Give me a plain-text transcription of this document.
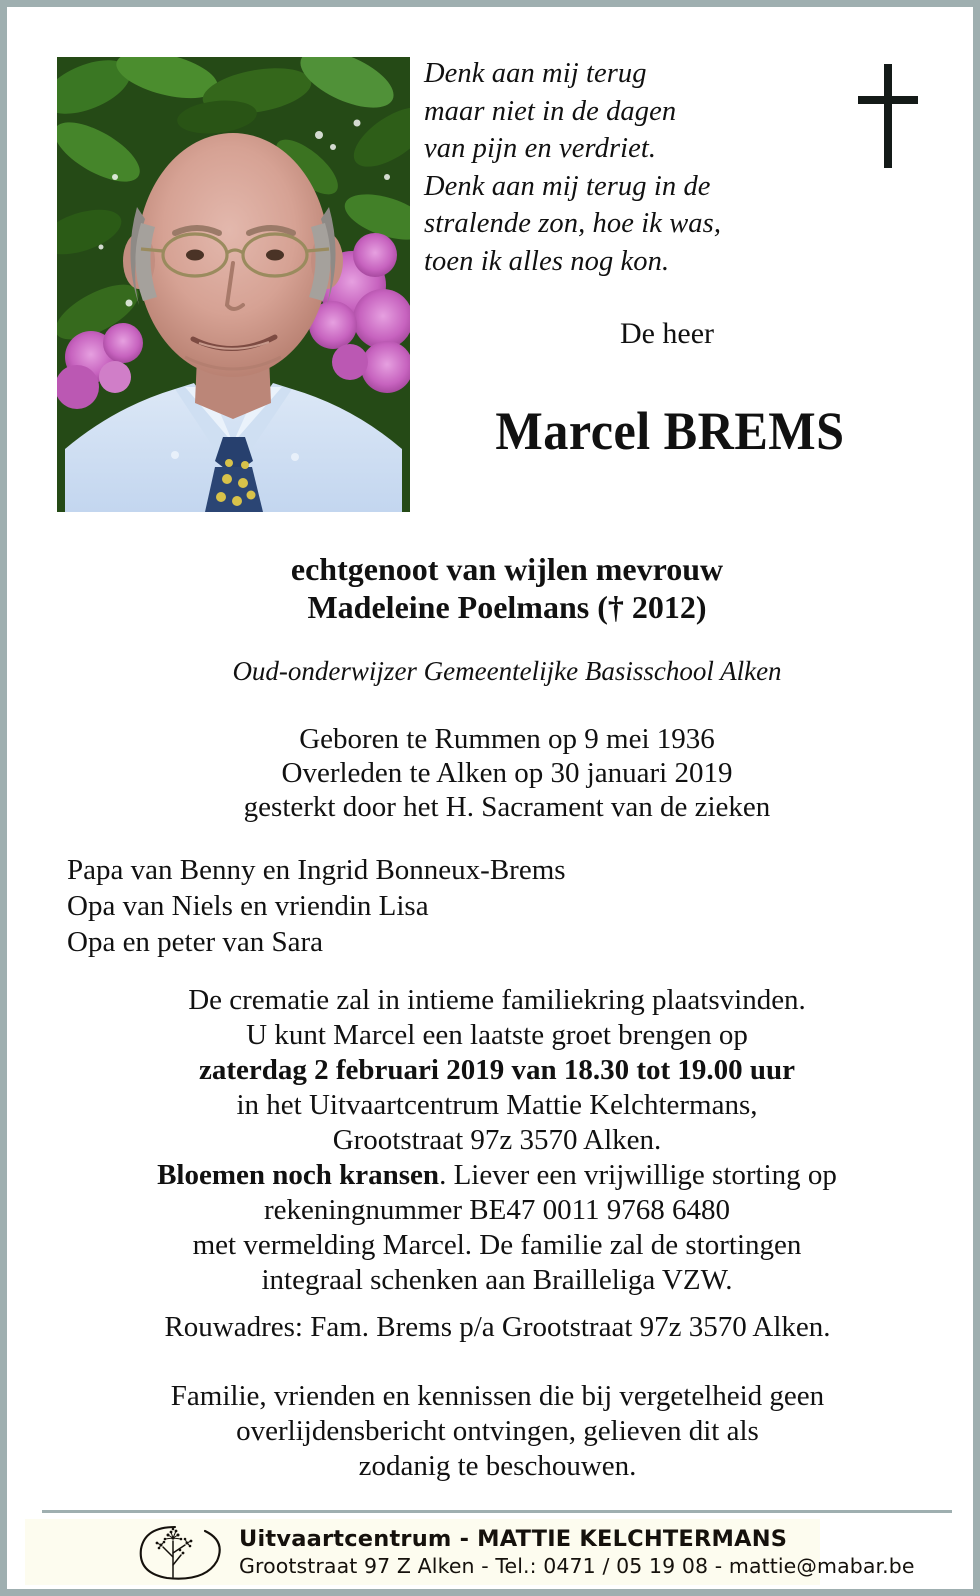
Denk aan mij terug
maar niet in de dagen
van pijn en verdriet.
Denk aan mij terug in de
stralende zon, hoe ik was,
toen ik alles nog kon.
De heer
Marcel BREMS
echtgenoot van wijlen mevrouw
Madeleine Poelmans († 2012)
Oud-onderwijzer Gemeentelijke Basisschool Alken
Geboren te Rummen op 9 mei 1936
Overleden te Alken op 30 januari 2019
gesterkt door het H. Sacrament van de zieken
Papa van Benny en Ingrid Bonneux-Brems
Opa van Niels en vriendin Lisa
Opa en peter van Sara
De crematie zal in intieme familiekring plaatsvinden.
U kunt Marcel een laatste groet brengen op
zaterdag 2 februari 2019 van 18.30 tot 19.00 uur
in het Uitvaartcentrum Mattie Kelchtermans,
Grootstraat 97z 3570 Alken.
Bloemen noch kransen. Liever een vrijwillige storting op
rekeningnummer BE47 0011 9768 6480
met vermelding Marcel. De familie zal de stortingen
integraal schenken aan Brailleliga VZW.
Rouwadres: Fam. Brems p/a Grootstraat 97z 3570 Alken.
Familie, vrienden en kennissen die bij vergetelheid geen
overlijdensbericht ontvingen, gelieven dit als
zodanig te beschouwen.
Uitvaartcentrum - MATTIE KELCHTERMANS
Grootstraat 97 Z Alken - Tel.: 0471 / 05 19 08 - mattie@mabar.be
